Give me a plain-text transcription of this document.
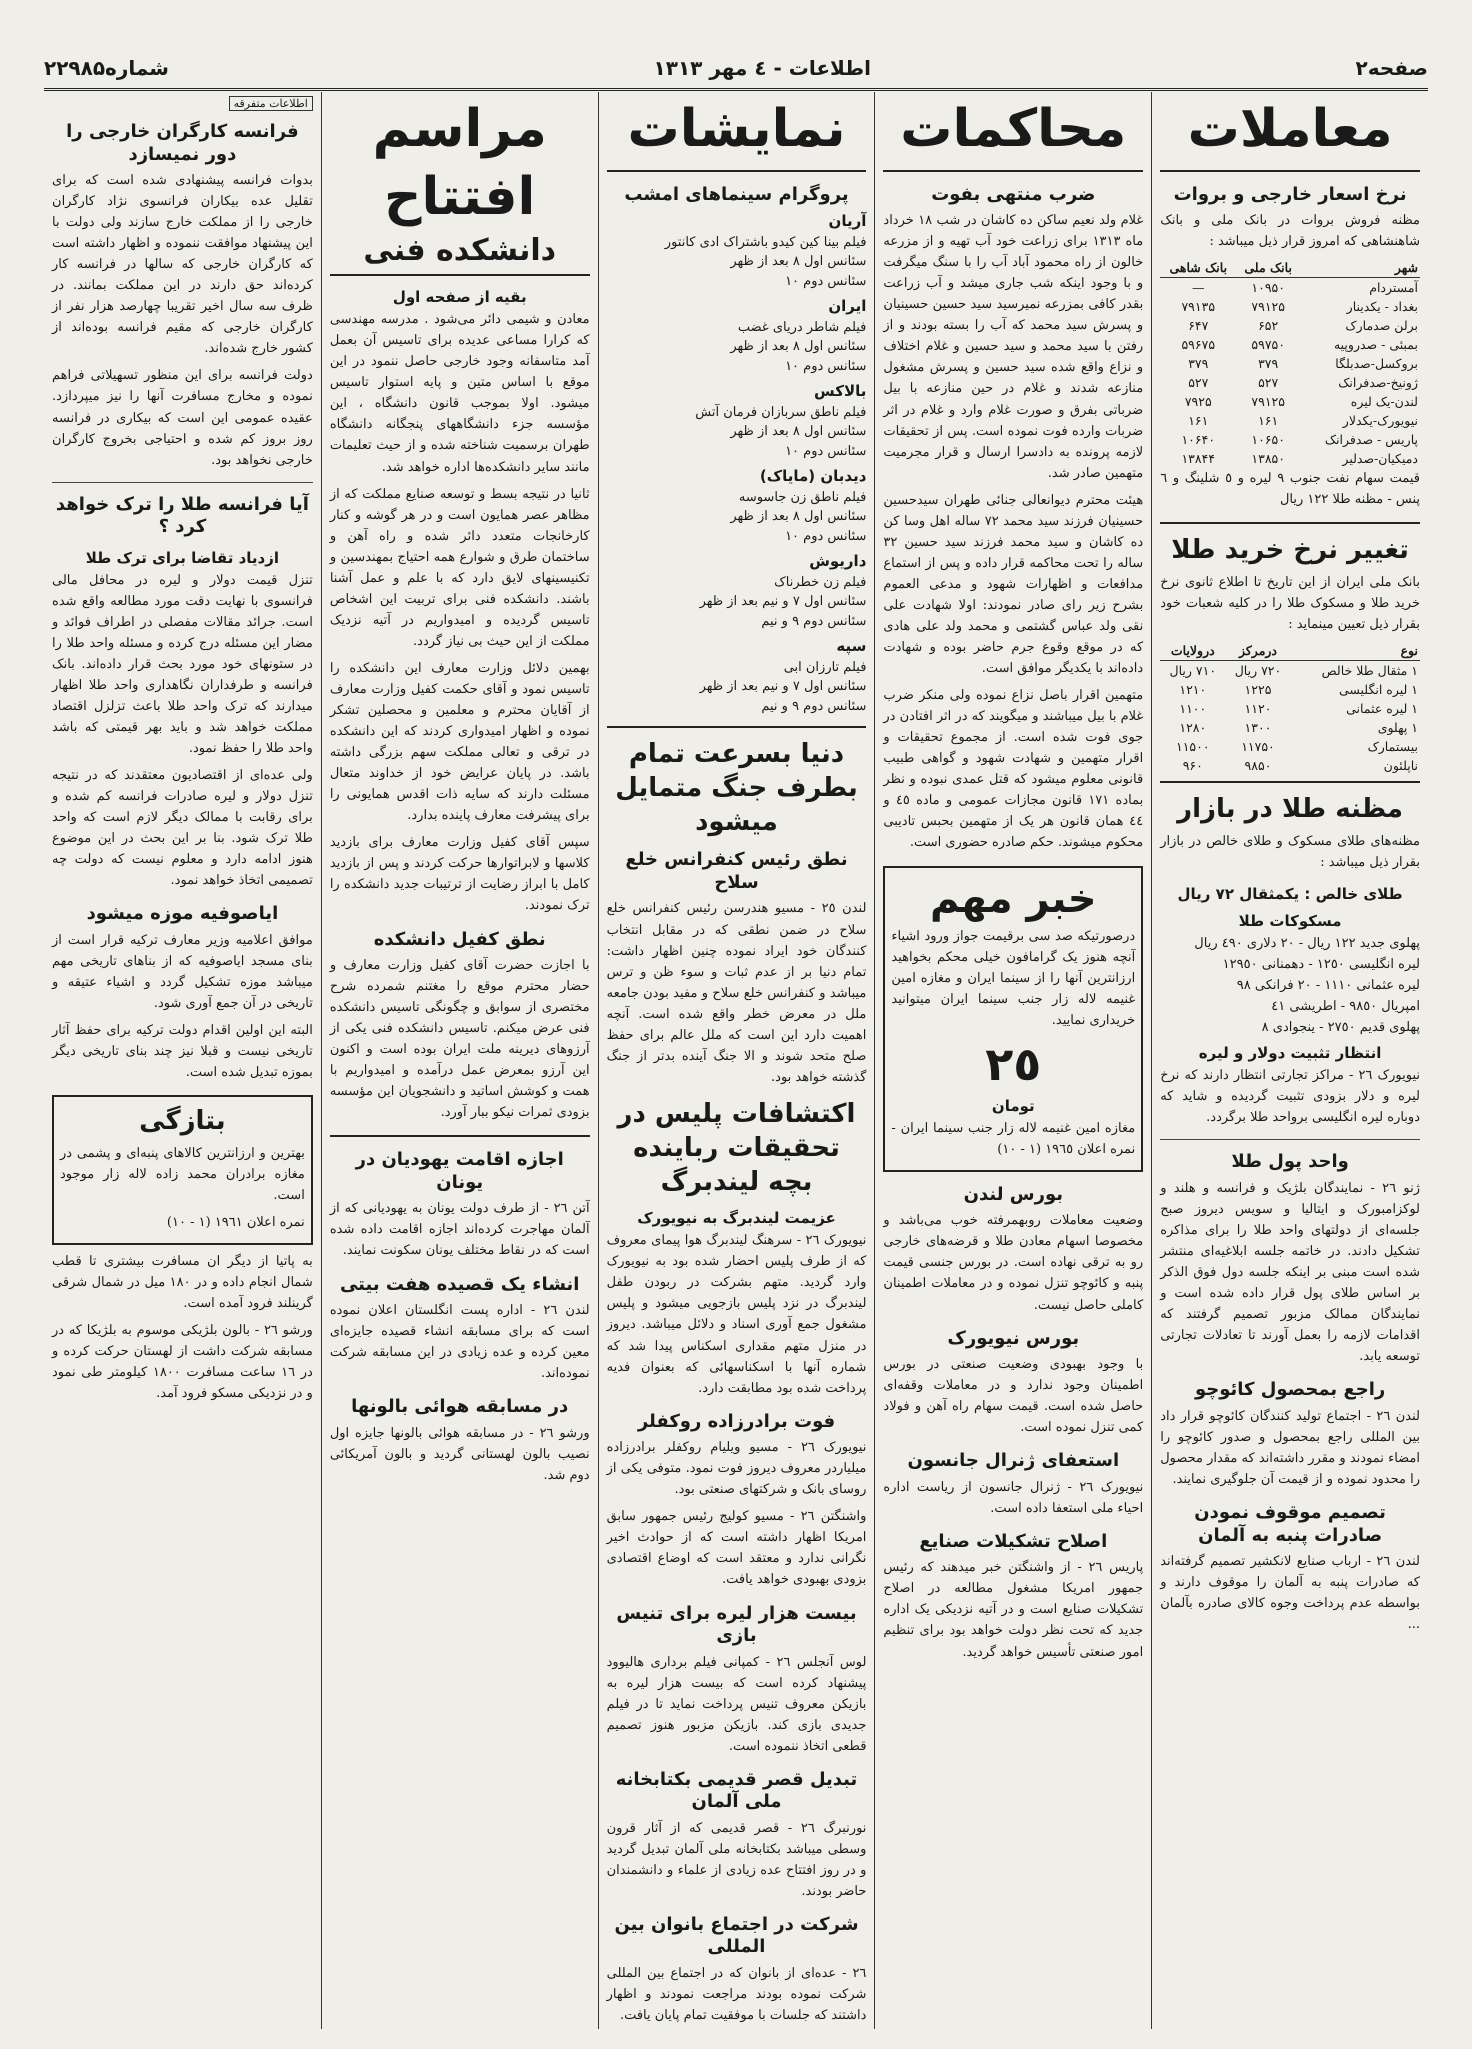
صفحه۲
اطلاعات - ٤ مهر ١٣١٣
شماره۲۲۹۸۵
معاملات
نرخ اسعار خارجی و بروات

مظنه فروش بروات در بانک ملی و بانک شاهنشاهی که امروز قرار ذیل میباشد :

شهر	بانک ملی	بانک شاهی
آمستردام	۱۰۹۵۰	—
بغداد - یکدینار	۷۹۱۲۵	۷۹۱۳۵
برلن صدمارک	۶۵۲	۶۴۷
بمبئی - صدروپیه	۵۹۷۵۰	۵۹۶۷۵
بروکسل-صدبلگا	۳۷۹	۳۷۹
ژونیخ-صدفرانک	۵۲۷	۵۲۷
لندن-یک لیره	۷۹۱۲۵	۷۹۲۵
نیویورک-یکدلار	۱۶۱	۱۶۱
پاریس - صدفرانک	۱۰۶۵۰	۱۰۶۴۰
دمیکیان-صدلیر	۱۳۸۵۰	۱۳۸۴۴

قیمت سهام نفت جنوب ٩ لیره و ٥ شلینگ و ٦ پنس - مظنه طلا ١٢٢ ریال

تغییر نرخ خرید طلا

بانک ملی ایران از این تاریخ تا اطلاع ثانوی نرخ خرید طلا و مسکوک طلا را در کلیه شعبات خود بقرار ذیل تعیین مینماید :

نوع	درمرکز	درولایات
۱ مثقال طلا خالص	۷۲۰ ریال	۷۱۰ ریال
۱ لیره انگلیسی	۱۲۲۵	۱۲۱۰
۱ لیره عثمانی	۱۱۲۰	۱۱۰۰
۱ پهلوی	۱۳۰۰	۱۲۸۰
بیستمارک	۱۱۷۵۰	۱۱۵۰۰
ناپلئون	۹۸۵۰	۹۶۰
مظنه طلا در بازار

مظنه‌های طلای مسکوک و طلای خالص در بازار بقرار ذیل میباشد :

طلای خالص : یکمثقال ٧٢ ریال
مسکوکات طلا

پهلوی جدید ١٢٢ ریال - ٢٠ دلاری ٤٩٠ ریال

لیره انگلیسی ١٢٥٠ - دهمنانی ١٢٩٥٠

لیره عثمانی ١١١٠ - ٢٠ فرانکی ٩٨

امپریال ٩٨٥٠ - اطریشی ٤١

پهلوی قدیم ٢٧٥٠ - ینجوادی ٨

انتظار تثبیت دولار و لیره

نیویورک ٢٦ - مراکز تجارتی انتظار دارند که نرخ لیره و دلار بزودی تثبیت گردیده و شاید که دوباره لیره انگلیسی برواحد طلا برگردد.

واحد پول طلا

ژنو ٢٦ - نمایندگان بلژیک و فرانسه و هلند و لوکزامبورک و ایتالیا و سویس دیروز صبح جلسه‌ای از دولتهای واحد طلا را برای مذاکره تشکیل دادند. در خاتمه جلسه ابلاغیه‌ای منتشر شده است مبنی بر اینکه جلسه دول فوق الذکر بر اساس طلای پول قرار داده شده است و نمایندگان ممالک مزبور تصمیم گرفتند که اقدامات لازمه را بعمل آورند تا تعادلات تجارتی توسعه یابد.

راجع بمحصول کائوچو

لندن ٢٦ - اجتماع تولید کنندگان کائوچو قرار داد بین المللی راجع بمحصول و صدور کائوچو را امضاء نمودند و مقرر داشته‌اند که مقدار محصول را محدود نموده و از قیمت آن جلوگیری نمایند.

تصمیم موقوف نمودن صادرات پنبه به آلمان

لندن ٢٦ - ارباب صنایع لانکشیر تصمیم گرفته‌اند که صادرات پنبه به آلمان را موقوف دارند و بواسطه عدم پرداخت وجوه کالای صادره بآلمان ...

محاکمات
ضرب منتهی بفوت

غلام ولد نعیم ساکن ده کاشان در شب ١٨ خرداد ماه ١٣١٣ برای زراعت خود آب تهیه و از مزرعه خالون از راه محمود آباد آب را با سنگ میگرفت و با وجود اینکه شب جاری میشد و آب زراعت بقدر کافی بمزرعه نمیرسید سید حسین حسینیان و پسرش سید محمد که آب را بسته بودند و از رفتن با سید محمد و سید حسین و غلام اختلاف و نزاع واقع شده سید حسین و پسرش مشغول منازعه شدند و غلام در حین منازعه با بیل ضرباتی بفرق و صورت غلام وارد و غلام در اثر ضربات وارده فوت نموده است. پس از تحقیقات لازمه پرونده به دادسرا ارسال و قرار مجرمیت متهمین صادر شد.

هیئت محترم دیوانعالی جنائی طهران سیدحسین حسینیان فرزند سید محمد ٧٢ ساله اهل وسا کن ده کاشان و سید محمد فرزند سید حسین ٣٢ ساله را تحت محاکمه قرار داده و پس از استماع مدافعات و اظهارات شهود و مدعی العموم بشرح زیر رای صادر نمودند: اولا شهادت علی نقی ولد عباس گشتمی و محمد ولد علی هادی که در موقع وقوع جرم حاضر بوده و شهادت داده‌اند با یکدیگر موافق است.

متهمین اقرار باصل نزاع نموده ولی منکر ضرب غلام با بیل میباشند و میگویند که در اثر افتادن در جوی فوت شده است. از مجموع تحقیقات و اقرار متهمین و شهادت شهود و گواهی طبیب قانونی معلوم میشود که قتل عمدی نبوده و نظر بماده ١٧١ قانون مجازات عمومی و ماده ٤٥ و ٤٤ همان قانون هر یک از متهمین بحبس تادیبی محکوم میشوند. حکم صادره حضوری است.

خبر مهم

درصورتیکه صد سی برقیمت جواز ورود اشیاء آنچه هنوز یک گرامافون خیلی محکم بخواهید ارزانترین آنها را از سینما ایران و مغازه امین غنیمه لاله زار جنب سینما ایران میتوانید خریداری نمایید.

٢٥
تومان

مغازه امین غنیمه لاله زار جنب سینما ایران - نمره اعلان ١٩٦٥ (١ - ١٠)

بورس لندن

وضعیت معاملات روبهمرفته خوب می‌باشد و مخصوصا اسهام معادن طلا و قرضه‌های خارجی رو به ترقی نهاده است. در بورس جنسی قیمت پنبه و کائوچو تنزل نموده و در معاملات اطمینان کاملی حاصل نیست.

بورس نیویورک

با وجود بهبودی وضعیت صنعتی در بورس اطمینان وجود ندارد و در معاملات وقفه‌ای حاصل شده است. قیمت سهام راه آهن و فولاد کمی تنزل نموده است.

استعفای ژنرال جانسون

نیویورک ٢٦ - ژنرال جانسون از ریاست اداره احیاء ملی استعفا داده است.

اصلاح تشکیلات صنایع

پاریس ٢٦ - از واشنگتن خبر میدهند که رئیس جمهور امریکا مشغول مطالعه در اصلاح تشکیلات صنایع است و در آتیه نزدیکی یک اداره جدید که تحت نظر دولت خواهد بود برای تنظیم امور صنعتی تأسیس خواهد گردید.

نمایشات
پروگرام سینماهای امشب
آریان
فیلم بینا کین کیدو باشتراک ادی کانتور
سئانس اول ۸ بعد از ظهر
سئانس دوم ۱۰
ایران
فیلم شاطر دریای غضب
سئانس اول ۸ بعد از ظهر
سئانس دوم ۱۰
بالاکس
فیلم ناطق سربازان فرمان آتش
سئانس اول ۸ بعد از ظهر
سئانس دوم ۱۰
دیدبان (مایاک)
فیلم ناطق زن جاسوسه
سئانس اول ۸ بعد از ظهر
سئانس دوم ۱۰
داریوش
فیلم زن خطرناک
سئانس اول ۷ و نیم بعد از ظهر
سئانس دوم ۹ و نیم
سپه
فیلم تارزان ابی
سئانس اول ۷ و نیم بعد از ظهر
سئانس دوم ۹ و نیم
دنیا بسرعت تمام بطرف جنگ متمایل میشود
نطق رئیس کنفرانس خلع سلاح

لندن ٢٥ - مسیو هندرسن رئیس کنفرانس خلع سلاح در ضمن نطقی که در مقابل انتخاب کنندگان خود ایراد نموده چنین اظهار داشت: تمام دنیا بر از عدم ثبات و سوء ظن و ترس میباشد و کنفرانس خلع سلاح و مفید بودن جامعه ملل در معرض خطر واقع شده است. آنچه اهمیت دارد این است که ملل عالم برای حفظ صلح متحد شوند و الا جنگ آینده بدتر از جنگ گذشته خواهد بود.

اکتشافات پلیس در تحقیقات رباینده بچه لیندبرگ
عزیمت لیندبرگ به نیویورک

نیویورک ٢٦ - سرهنگ لیندبرگ هوا پیمای معروف که از طرف پلیس احضار شده بود به نیویورک وارد گردید. متهم بشرکت در ربودن طفل لیندبرگ در نزد پلیس بازجویی میشود و پلیس مشغول جمع آوری اسناد و دلائل میباشد. دیروز در منزل متهم مقداری اسکناس پیدا شد که شماره آنها با اسکناسهائی که بعنوان فدیه پرداخت شده بود مطابقت دارد.

فوت برادرزاده روکفلر

نیویورک ٢٦ - مسیو ویلیام روکفلر برادرزاده میلیاردر معروف دیروز فوت نمود. متوفی یکی از روسای بانک و شرکتهای صنعتی بود.

واشنگتن ٢٦ - مسیو کولیج رئیس جمهور سابق امریکا اظهار داشته است که از حوادث اخیر نگرانی ندارد و معتقد است که اوضاع اقتصادی بزودی بهبودی خواهد یافت.

بیست هزار لیره برای تنیس بازی

لوس آنجلس ٢٦ - کمپانی فیلم برداری هالیوود پیشنهاد کرده است که بیست هزار لیره به بازیکن معروف تنیس پرداخت نماید تا در فیلم جدیدی بازی کند. بازیکن مزبور هنوز تصمیم قطعی اتخاذ ننموده است.

تبدیل قصر قدیمی بکتابخانه ملی آلمان

نورنبرگ ٢٦ - قصر قدیمی که از آثار قرون وسطی میباشد بکتابخانه ملی آلمان تبدیل گردید و در روز افتتاح عده زیادی از علماء و دانشمندان حاضر بودند.

شرکت در اجتماع بانوان بین المللی

٢٦ - عده‌ای از بانوان که در اجتماع بین المللی شرکت نموده بودند مراجعت نمودند و اظهار داشتند که جلسات با موفقیت تمام پایان یافت.

مراسم افتتاح
دانشکده فنی
بقیه از صفحه اول

معادن و شیمی دائر می‌شود . مدرسه مهندسی که کرارا مساعی عدیده برای تاسیس آن بعمل آمد متاسفانه وجود خارجی حاصل ننمود در این موقع با اساس متین و پایه استوار تاسیس میشود. اولا بموجب قانون دانشگاه ، این مؤسسه جزء دانشگاههای پنجگانه دانشگاه طهران برسمیت شناخته شده و از حیث تعلیمات مانند سایر دانشکده‌ها اداره خواهد شد.

ثانیا در نتیجه بسط و توسعه صنایع مملکت که از مظاهر عصر همایون است و در هر گوشه و کنار کارخانجات متعدد دائر شده و راه آهن و ساختمان طرق و شوارع همه احتیاج بمهندسین و تکنیسینهای لایق دارد که با علم و عمل آشنا باشند. دانشکده فنی برای تربیت این اشخاص تاسیس گردیده و امیدواریم در آتیه نزدیک مملکت از این حیث بی نیاز گردد.

بهمین دلائل وزارت معارف این دانشکده را تاسیس نمود و آقای حکمت کفیل وزارت معارف از آقایان محترم و معلمین و محصلین تشکر نموده و اظهار امیدواری کردند که این دانشکده در ترقی و تعالی مملکت سهم بزرگی داشته باشد. در پایان عرایض خود از خداوند متعال مسئلت دارند که سایه ذات اقدس همایونی را برای پیشرفت معارف پاینده بدارد.

سپس آقای کفیل وزارت معارف برای بازدید کلاسها و لابراتوارها حرکت کردند و پس از بازدید کامل با ابراز رضایت از ترتیبات جدید دانشکده را ترک نمودند.

نطق کفیل دانشکده

با اجازت حضرت آقای کفیل وزارت معارف و حضار محترم موقع را مغتنم شمرده شرح مختصری از سوابق و چگونگی تاسیس دانشکده فنی عرض میکنم. تاسیس دانشکده فنی یکی از آرزوهای دیرینه ملت ایران بوده است و اکنون این آرزو بمعرض عمل درآمده و امیدواریم با همت و کوشش اساتید و دانشجویان این مؤسسه بزودی ثمرات نیکو ببار آورد.

اجازه اقامت یهودیان در یونان

آتن ٢٦ - از طرف دولت یونان به یهودیانی که از آلمان مهاجرت کرده‌اند اجازه اقامت داده شده است که در نقاط مختلف یونان سکونت نمایند.

انشاء یک قصیده هفت بیتی

لندن ٢٦ - اداره پست انگلستان اعلان نموده است که برای مسابقه انشاء قصیده جایزه‌ای معین کرده و عده زیادی در این مسابقه شرکت نموده‌اند.

در مسابقه هوائی بالونها

ورشو ٢٦ - در مسابقه هوائی بالونها جایزه اول نصیب بالون لهستانی گردید و بالون آمریکائی دوم شد.

اطلاعات متفرقه
فرانسه کارگران خارجی را دور نمیسازد

بدوات فرانسه پیشنهادی شده است که برای تقلیل عده بیکاران فرانسوی نژاد کارگران خارجی را از مملکت خارج سازند ولی دولت با این پیشنهاد موافقت ننموده و اظهار داشته است که کارگران خارجی که سالها در فرانسه کار کرده‌اند حق دارند در این مملکت بمانند. در ظرف سه سال اخیر تقریبا چهارصد هزار نفر از کارگران خارجی که مقیم فرانسه بوده‌اند از کشور خارج شده‌اند.

دولت فرانسه برای این منظور تسهیلاتی فراهم نموده و مخارج مسافرت آنها را نیز میپردازد. عقیده عمومی این است که بیکاری در فرانسه روز بروز کم شده و احتیاجی بخروج کارگران خارجی نخواهد بود.

آیا فرانسه طلا را ترک خواهد کرد ؟
ازدیاد تقاضا برای ترک طلا

تنزل قیمت دولار و لیره در محافل مالی فرانسوی با نهایت دقت مورد مطالعه واقع شده است. جرائد مقالات مفصلی در اطراف فوائد و مضار این مسئله درج کرده و مسئله واحد طلا را در ستونهای خود مورد بحث قرار داده‌اند. بانک فرانسه و طرفداران نگاهداری واحد طلا اظهار میدارند که ترک واحد طلا باعث تزلزل اقتصاد مملکت خواهد شد و باید بهر قیمتی که باشد واحد طلا را حفظ نمود.

ولی عده‌ای از اقتصادیون معتقدند که در نتیجه تنزل دولار و لیره صادرات فرانسه کم شده و برای رقابت با ممالک دیگر لازم است که واحد طلا ترک شود. بنا بر این بحث در این موضوع هنوز ادامه دارد و معلوم نیست که دولت چه تصمیمی اتخاذ خواهد نمود.

ایاصوفیه موزه میشود

موافق اعلامیه وزیر معارف ترکیه قرار است از بنای مسجد ایاصوفیه که از بناهای تاریخی مهم میباشد موزه تشکیل گردد و اشیاء عتیقه و تاریخی در آن جمع آوری شود.

البته این اولین اقدام دولت ترکیه برای حفظ آثار تاریخی نیست و قبلا نیز چند بنای تاریخی دیگر بموزه تبدیل شده است.

بتازگی

بهترین و ارزانترین کالاهای پنبه‌ای و پشمی در مغازه برادران محمد زاده لاله زار موجود است.

نمره اعلان ١٩٦١ (١ - ١٠)

به پاتیا از دیگر ان مسافرت بیشتری تا قطب شمال انجام داده و در ۱۸۰ میل در شمال شرقی گرینلند فرود آمده است.

ورشو ٢٦ - بالون بلژیکی موسوم به بلژیکا که در مسابقه شرکت داشت از لهستان حرکت کرده و در ١٦ ساعت مسافرت ١٨٠٠ کیلومتر طی نمود و در نزدیکی مسکو فرود آمد.
